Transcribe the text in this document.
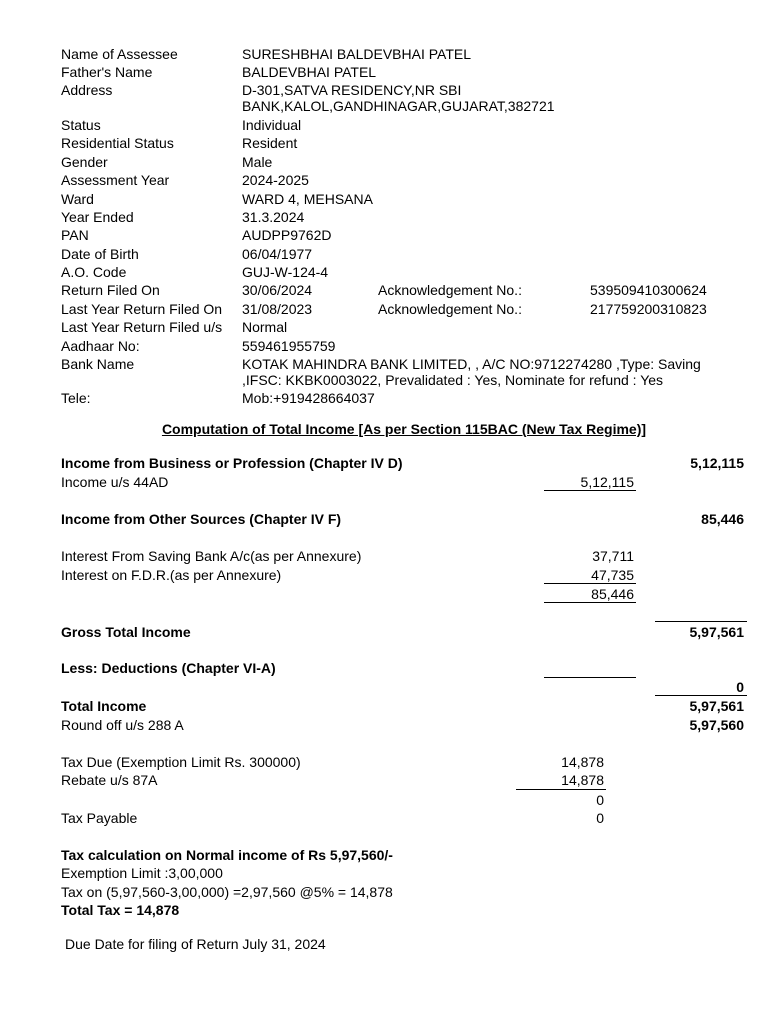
Name of Assessee	SURESHBHAI BALDEVBHAI PATEL
Father's Name	BALDEVBHAI PATEL
Address	D-301,SATVA RESIDENCY,NR SBI
BANK,KALOL,GANDHINAGAR,GUJARAT,382721
Status	Individual
Residential Status	Resident
Gender	Male
Assessment Year	2024-2025
Ward	WARD 4, MEHSANA
Year Ended	31.3.2024
PAN	AUDPP9762D
Date of Birth	06/04/1977
A.O. Code	GUJ-W-124-4
Return Filed On	30/06/2024	Acknowledgement No.:	539509410300624
Last Year Return Filed On 31/08/2023	Acknowledgement No.:	217759200310823
Last Year Return Filed u/s Normal
Aadhaar No:	559461955759
Bank Name	KOTAK MAHINDRA BANK LIMITED, , A/C NO:9712274280 ,Type: Saving
,IFSC: KKBK0003022, Prevalidated : Yes, Nominate for refund : Yes
Tele:	Mob:+919428664037
Computation of Total Income [As per Section 115BAC (New Tax Regime)]
Income from Business or Profession (Chapter IV D)	5,12,115
Income u/s 44AD	5,12,115
Income from Other Sources (Chapter IV F)	85,446
Interest From Saving Bank A/c(as per Annexure)	37,711
Interest on F.D.R.(as per Annexure)	47,735
85,446
Gross Total Income	5,97,561
Less: Deductions (Chapter VI-A)
0
Total Income	5,97,561
Round off u/s 288 A	5,97,560
Tax Due (Exemption Limit Rs. 300000)	14,878
Rebate u/s 87A	14,878
0
Tax Payable	0
Tax calculation on Normal income of Rs 5,97,560/-
Exemption Limit :3,00,000
Tax on (5,97,560-3,00,000) =2,97,560 @5% = 14,878
Total Tax = 14,878
Due Date for filing of Return July 31, 2024
